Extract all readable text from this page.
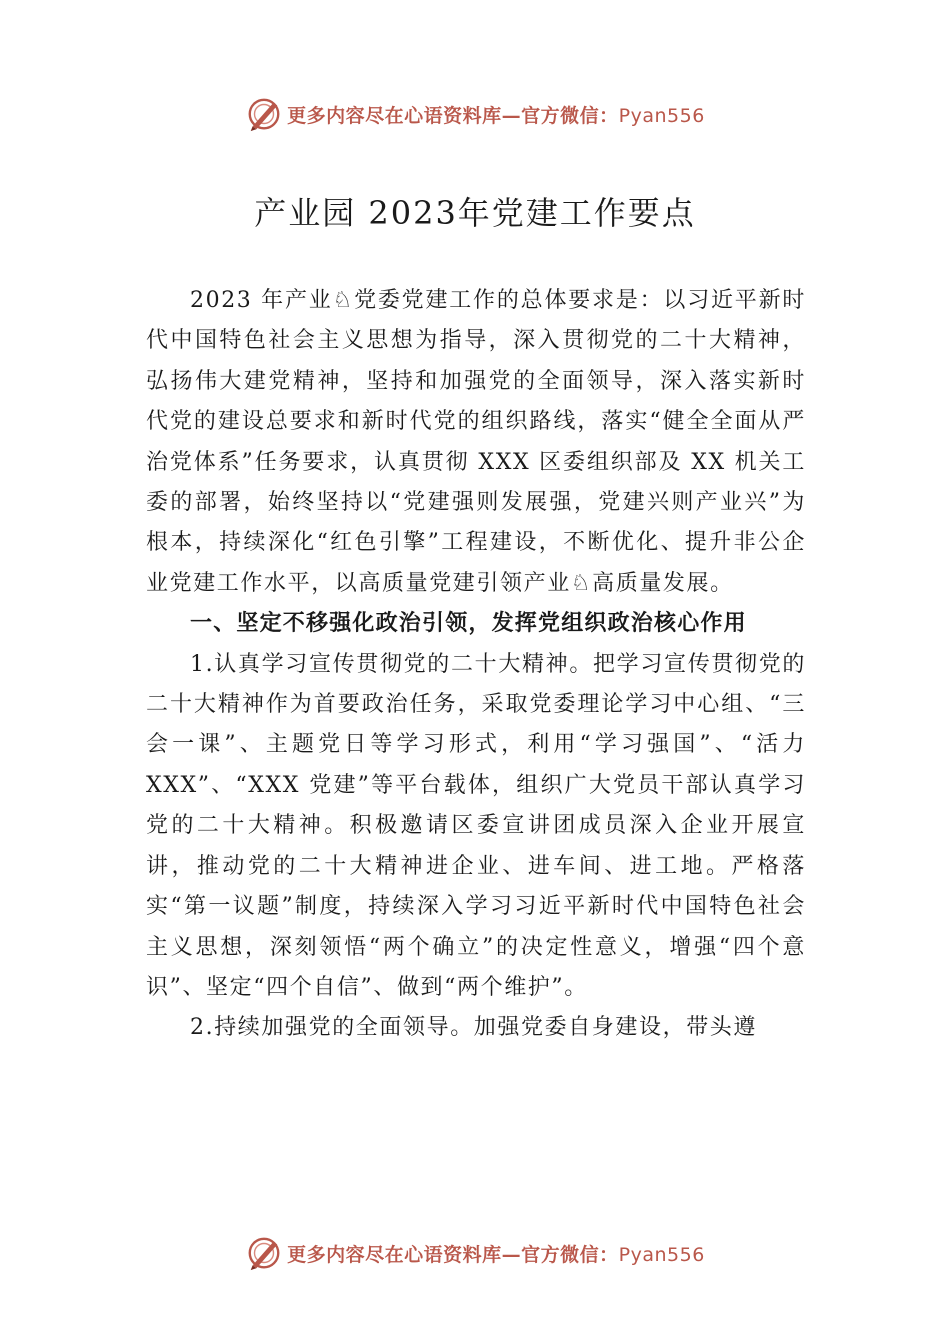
更多内容尽在心语资料库—官方微信：Pyan556
产业园 2023年党建工作要点

2023 年产业♘党委党建工作的总体要求是：以习近平新时代中国特色社会主义思想为指导，深入贯彻党的二十大精神，弘扬伟大建党精神，坚持和加强党的全面领导，深入落实新时代党的建设总要求和新时代党的组织路线，落实“健全全面从严治党体系”任务要求，认真贯彻 XXX 区委组织部及 XX 机关工委的部署，始终坚持以“党建强则发展强，党建兴则产业兴”为根本，持续深化“红色引擎”工程建设，不断优化、提升非公企业党建工作水平，以高质量党建引领产业♘高质量发展。

一、坚定不移强化政治引领，发挥党组织政治核心作用

1.认真学习宣传贯彻党的二十大精神。把学习宣传贯彻党的二十大精神作为首要政治任务，采取党委理论学习中心组、“三会一课”、主题党日等学习形式，利用“学习强国”、“活力 XXX”、“XXX 党建”等平台载体，组织广大党员干部认真学习党的二十大精神。积极邀请区委宣讲团成员深入企业开展宣讲，推动党的二十大精神进企业、进车间、进工地。严格落实“第一议题”制度，持续深入学习习近平新时代中国特色社会主义思想，深刻领悟“两个确立”的决定性意义，增强“四个意识”、坚定“四个自信”、做到“两个维护”。

2.持续加强党的全面领导。加强党委自身建设，带头遵

更多内容尽在心语资料库—官方微信：Pyan556
